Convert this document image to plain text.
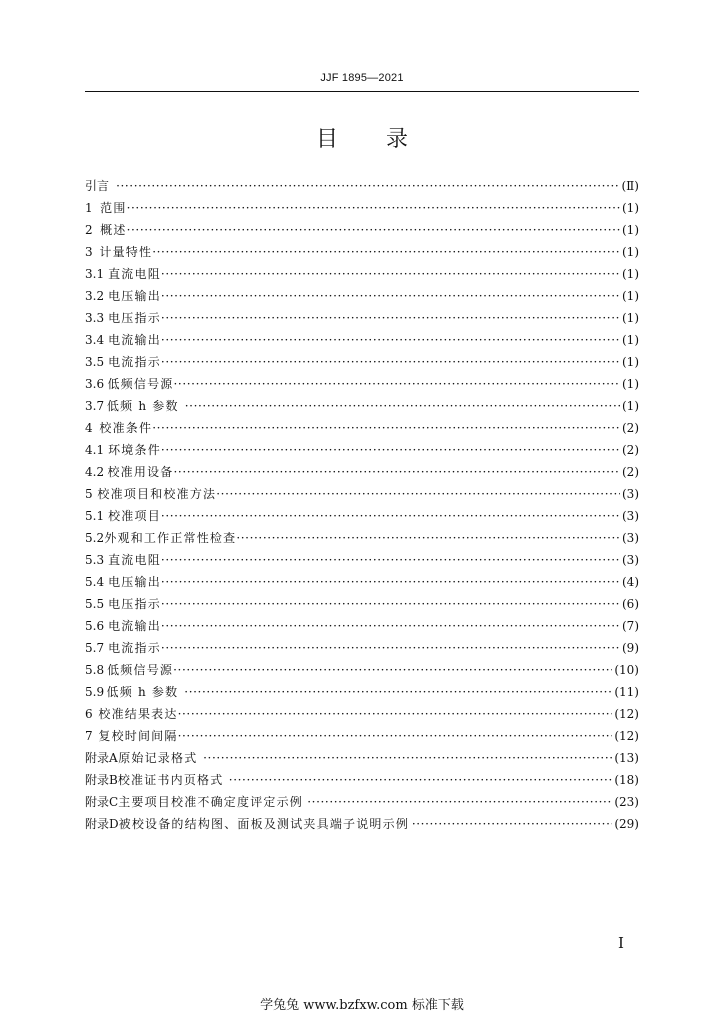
JJF 1895—2021
目录
引言 ·····	(Ⅱ)
1 范围 ·····	(1)
2 概述 ·····	(1)
3 计量特性 ·····	(1)
3.1 直流电阻 ·····	(1)
3.2 电压输出 ·····	(1)
3.3 电压指示 ·····	(1)
3.4 电流输出 ·····	(1)
3.5 电流指示 ·····	(1)
3.6 低频信号源 ·····	(1)
3.7 低频 h 参数 ·····	(1)
4 校准条件 ·····	(2)
4.1 环境条件 ·····	(2)
4.2 校准用设备 ·····	(2)
5 校准项目和校准方法 ·····	(3)
5.1 校准项目 ·····	(3)
5.2 外观和工作正常性检查 ·····	(3)
5.3 直流电阻 ·····	(3)
5.4 电压输出 ·····	(4)
5.5 电压指示 ·····	(6)
5.6 电流输出 ·····	(7)
5.7 电流指示 ·····	(9)
5.8 低频信号源 ·····	(10)
5.9 低频 h 参数 ·····	(11)
6 校准结果表达 ·····	(12)
7 复校时间间隔 ·····	(12)
附录A 原始记录格式 ·····	(13)
附录B 校准证书内页格式 ·····	(18)
附录C 主要项目校准不确定度评定示例 ·····	(23)
附录D 被校设备的结构图、面板及测试夹具端子说明示例 ·····	(29)
I
学兔兔 www.bzfxw.com 标准下载
